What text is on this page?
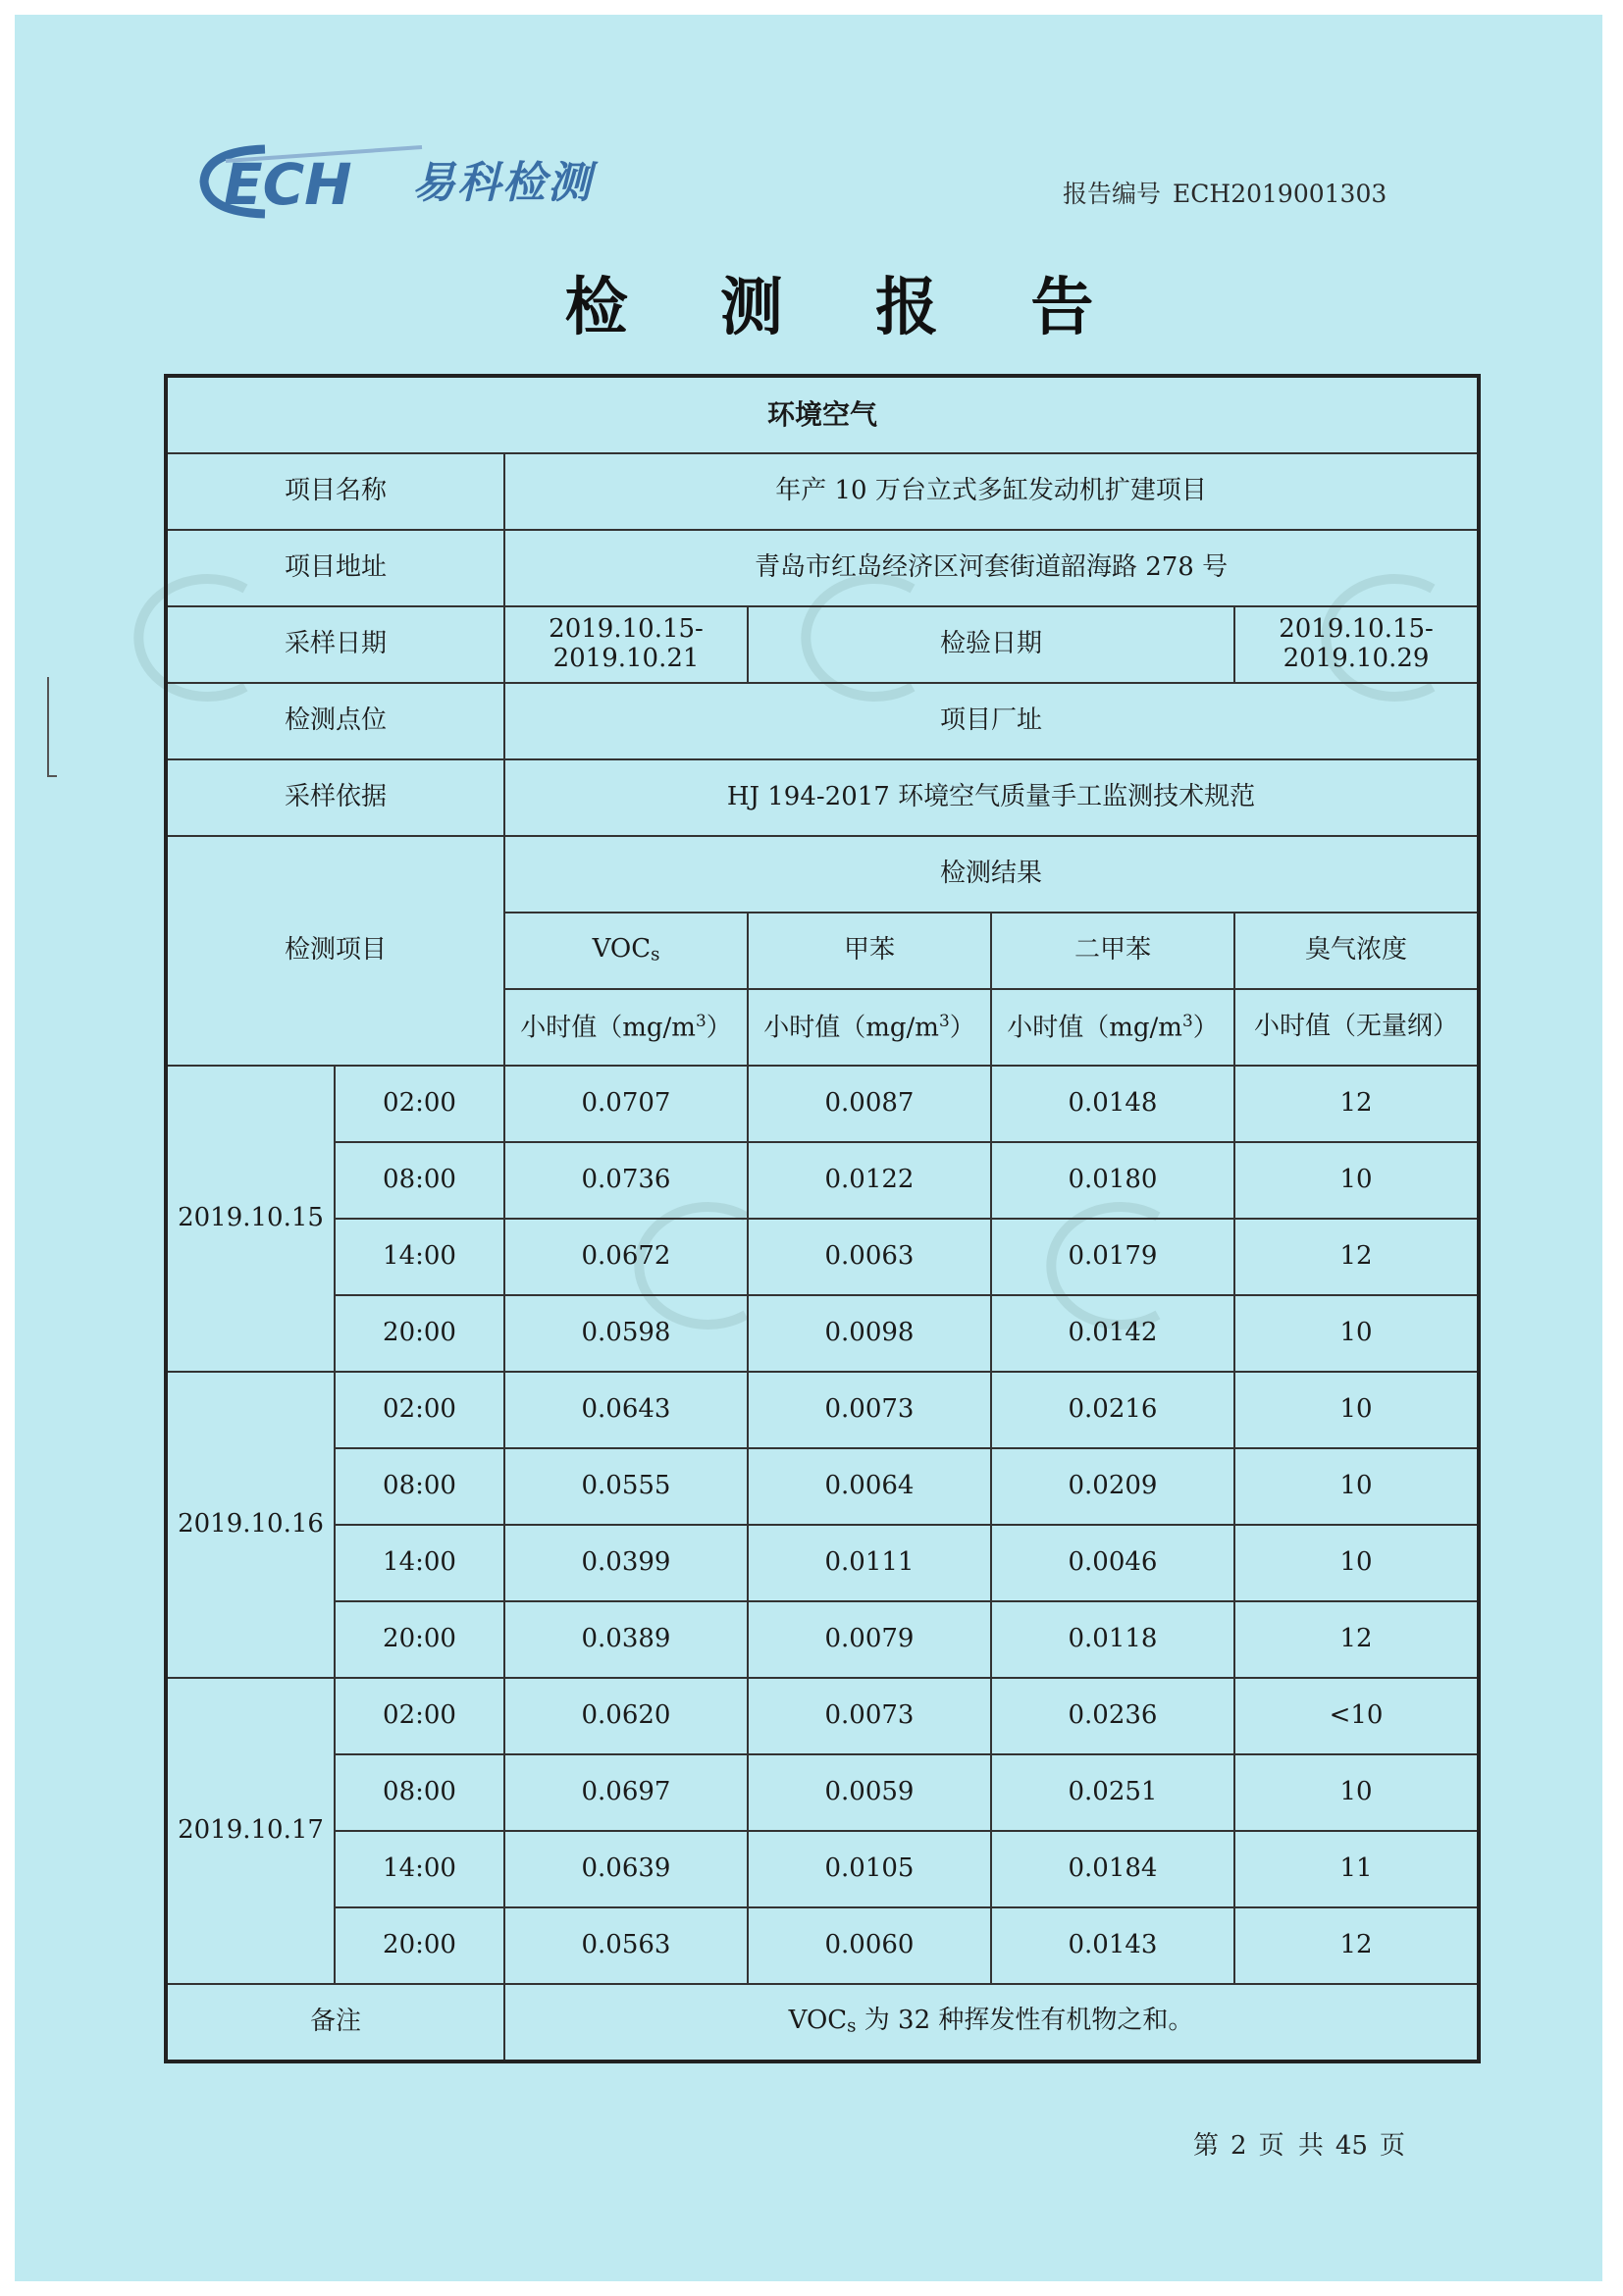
ECH 易科检测	报告编号 ECH2019001303
检 测 报 告
环境空气					
项目名称		年产 10 万台立式多缸发动机扩建项目			
项目地址		青岛市红岛经济区河套街道韶海路 278 号			
采样日期		2019.10.15-2019.10.21	检验日期		2019.10.15-2019.10.29
检测点位		项目厂址			
采样依据		HJ 194-2017 环境空气质量手工监测技术规范			
检测项目		检测结果			
		$VOC_s$	甲苯	二甲苯	臭气浓度
		小时值$(mg/m^3)$	小时值$(mg/m^3)$	小时值$(mg/m^3)$	小时值（无量纲）
2019.10.15	02:00	0.0707	0.0087	0.0148	12
	08:00	0.0736	0.0122	0.0180	10
	14:00	0.0672	0.0063	0.0179	12
	20:00	0.0598	0.0098	0.0142	10
2019.10.16	02:00	0.0643	0.0073	0.0216	10
	08:00	0.0555	0.0064	0.0209	10
	14:00	0.0399	0.0111	0.0046	10
	20:00	0.0389	0.0079	0.0118	12
2019.10.17	02:00	0.0620	0.0073	0.0236	<10
	08:00	0.0697	0.0059	0.0251	10
	14:00	0.0639	0.0105	0.0184	11
	20:00	0.0563	0.0060	0.0143	12
备注		$VOC_s$ 为 32 种挥发性有机物之和。			
第 2 页 共 45 页
